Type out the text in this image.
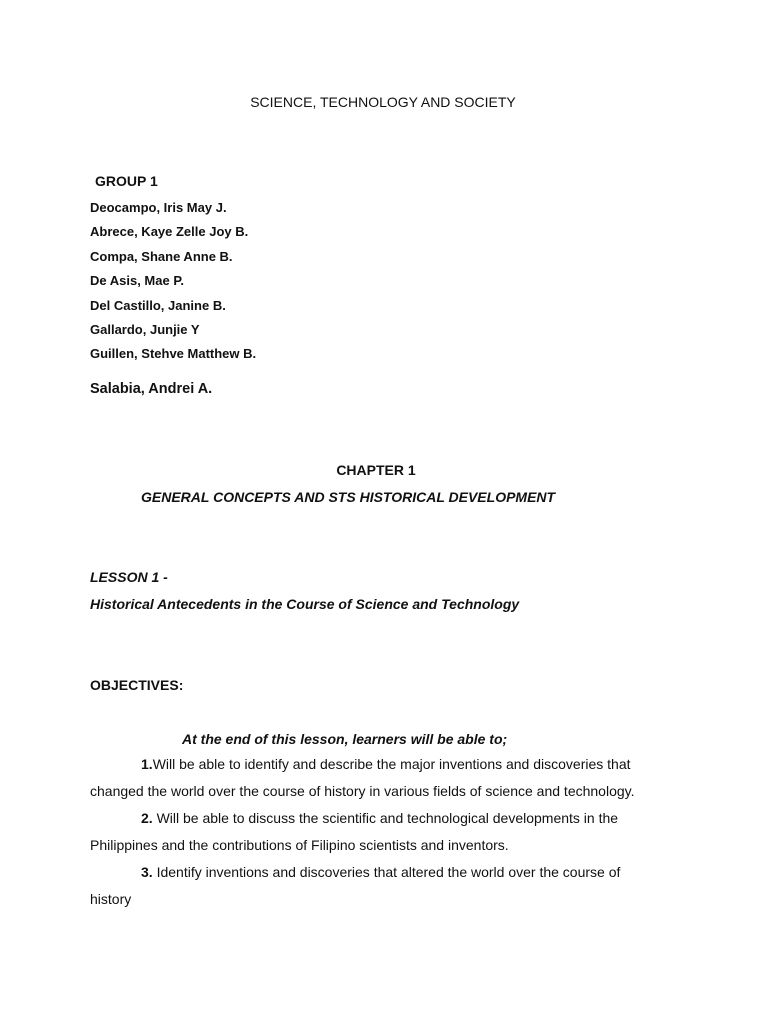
SCIENCE, TECHNOLOGY AND SOCIETY
GROUP 1
Deocampo, Iris May J.
Abrece, Kaye Zelle Joy B.
Compa, Shane Anne B.
De Asis, Mae P.
Del Castillo, Janine B.
Gallardo, Junjie Y
Guillen, Stehve Matthew B.
Salabia, Andrei A.
CHAPTER 1
GENERAL CONCEPTS AND STS HISTORICAL DEVELOPMENT
LESSON 1 -
Historical Antecedents in the Course of Science and Technology
OBJECTIVES:
At the end of this lesson, learners will be able to;
1.Will be able to identify and describe the major inventions and discoveries that
changed the world over the course of history in various fields of science and technology.
2. Will be able to discuss the scientific and technological developments in the
Philippines and the contributions of Filipino scientists and inventors.
3. Identify inventions and discoveries that altered the world over the course of
history
